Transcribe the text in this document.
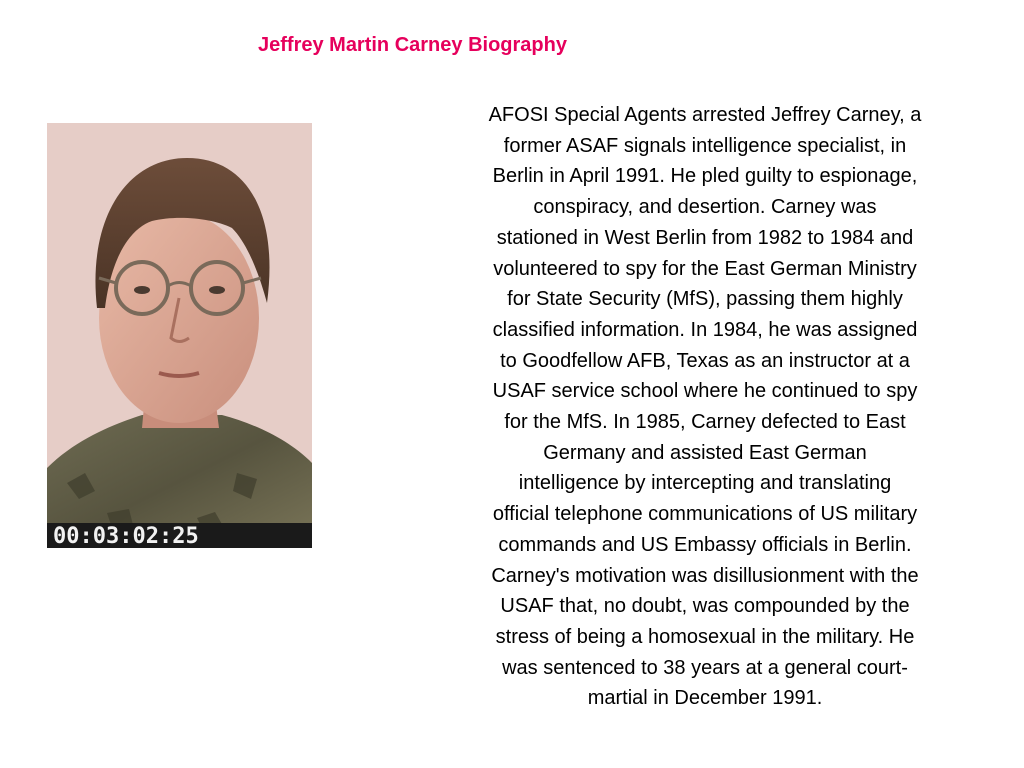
Jeffrey Martin Carney Biography
00:03:02:25
AFOSI Special Agents arrested Jeffrey Carney, a
former ASAF signals intelligence specialist, in
Berlin in April 1991. He pled guilty to espionage,
conspiracy, and desertion. Carney was
stationed in West Berlin from 1982 to 1984 and
volunteered to spy for the East German Ministry
for State Security (MfS), passing them highly
classified information. In 1984, he was assigned
to Goodfellow AFB, Texas as an instructor at a
USAF service school where he continued to spy
for the MfS. In 1985, Carney defected to East
Germany and assisted East German
intelligence by intercepting and translating
official telephone communications of US military
commands and US Embassy officials in Berlin.
Carney's motivation was disillusionment with the
USAF that, no doubt, was compounded by the
stress of being a homosexual in the military. He
was sentenced to 38 years at a general court-
martial in December 1991.
